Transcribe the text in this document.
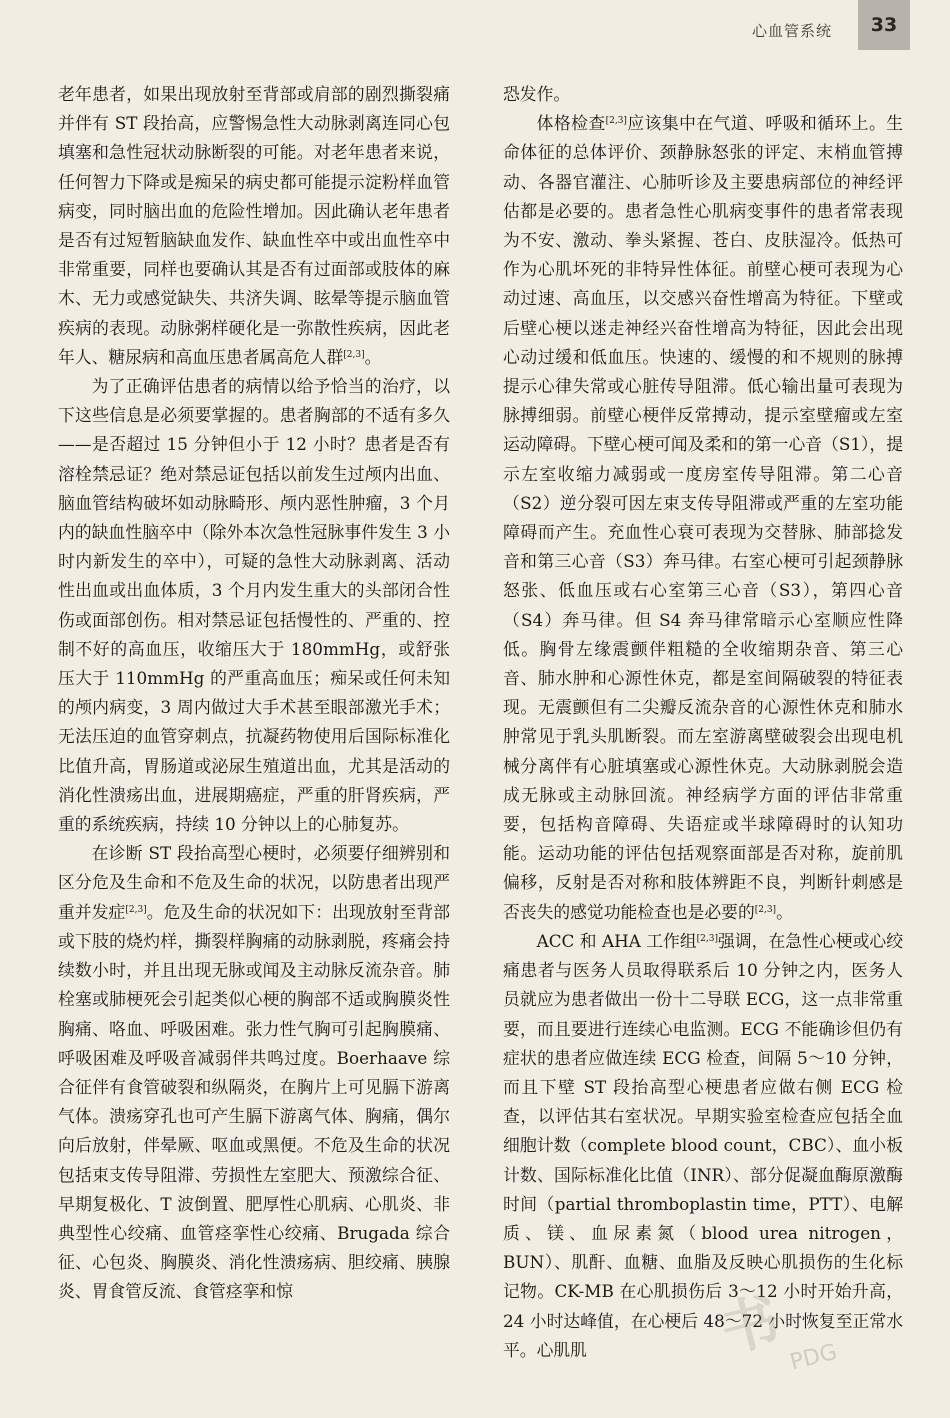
心血管系统	33

老年患者，如果出现放射至背部或肩部的剧烈撕裂痛并伴有 ST 段抬高，应警惕急性大动脉剥离连同心包填塞和急性冠状动脉断裂的可能。对老年患者来说，任何智力下降或是痴呆的病史都可能提示淀粉样血管病变，同时脑出血的危险性增加。因此确认老年患者是否有过短暂脑缺血发作、缺血性卒中或出血性卒中非常重要，同样也要确认其是否有过面部或肢体的麻木、无力或感觉缺失、共济失调、眩晕等提示脑血管疾病的表现。动脉粥样硬化是一弥散性疾病，因此老年人、糖尿病和高血压患者属高危人群[2,3]。

为了正确评估患者的病情以给予恰当的治疗，以下这些信息是必须要掌握的。患者胸部的不适有多久——是否超过 15 分钟但小于 12 小时？患者是否有溶栓禁忌证？绝对禁忌证包括以前发生过颅内出血、脑血管结构破坏如动脉畸形、颅内恶性肿瘤，3 个月内的缺血性脑卒中（除外本次急性冠脉事件发生 3 小时内新发生的卒中），可疑的急性大动脉剥离、活动性出血或出血体质，3 个月内发生重大的头部闭合性伤或面部创伤。相对禁忌证包括慢性的、严重的、控制不好的高血压，收缩压大于 180mmHg，或舒张压大于 110mmHg 的严重高血压；痴呆或任何未知的颅内病变，3 周内做过大手术甚至眼部激光手术；无法压迫的血管穿刺点，抗凝药物使用后国际标准化比值升高，胃肠道或泌尿生殖道出血，尤其是活动的消化性溃疡出血，进展期癌症，严重的肝肾疾病，严重的系统疾病，持续 10 分钟以上的心肺复苏。

在诊断 ST 段抬高型心梗时，必须要仔细辨别和区分危及生命和不危及生命的状况，以防患者出现严重并发症[2,3]。危及生命的状况如下：出现放射至背部或下肢的烧灼样，撕裂样胸痛的动脉剥脱，疼痛会持续数小时，并且出现无脉或闻及主动脉反流杂音。肺栓塞或肺梗死会引起类似心梗的胸部不适或胸膜炎性胸痛、咯血、呼吸困难。张力性气胸可引起胸膜痛、呼吸困难及呼吸音减弱伴共鸣过度。Boerhaave 综合征伴有食管破裂和纵隔炎，在胸片上可见膈下游离气体。溃疡穿孔也可产生膈下游离气体、胸痛，偶尔向后放射，伴晕厥、呕血或黑便。不危及生命的状况包括束支传导阻滞、劳损性左室肥大、预激综合征、早期复极化、T 波倒置、肥厚性心肌病、心肌炎、非典型性心绞痛、血管痉挛性心绞痛、Brugada 综合征、心包炎、胸膜炎、消化性溃疡病、胆绞痛、胰腺炎、胃食管反流、食管痉挛和惊

恐发作。

体格检查[2,3]应该集中在气道、呼吸和循环上。生命体征的总体评价、颈静脉怒张的评定、末梢血管搏动、各器官灌注、心肺听诊及主要患病部位的神经评估都是必要的。患者急性心肌病变事件的患者常表现为不安、激动、拳头紧握、苍白、皮肤湿冷。低热可作为心肌坏死的非特异性体征。前壁心梗可表现为心动过速、高血压，以交感兴奋性增高为特征。下壁或后壁心梗以迷走神经兴奋性增高为特征，因此会出现心动过缓和低血压。快速的、缓慢的和不规则的脉搏提示心律失常或心脏传导阻滞。低心输出量可表现为脉搏细弱。前壁心梗伴反常搏动，提示室壁瘤或左室运动障碍。下壁心梗可闻及柔和的第一心音（S1），提示左室收缩力减弱或一度房室传导阻滞。第二心音（S2）逆分裂可因左束支传导阻滞或严重的左室功能障碍而产生。充血性心衰可表现为交替脉、肺部捻发音和第三心音（S3）奔马律。右室心梗可引起颈静脉怒张、低血压或右心室第三心音（S3），第四心音（S4）奔马律。但 S4 奔马律常暗示心室顺应性降低。胸骨左缘震颤伴粗糙的全收缩期杂音、第三心音、肺水肿和心源性休克，都是室间隔破裂的特征表现。无震颤但有二尖瓣反流杂音的心源性休克和肺水肿常见于乳头肌断裂。而左室游离壁破裂会出现电机械分离伴有心脏填塞或心源性休克。大动脉剥脱会造成无脉或主动脉回流。神经病学方面的评估非常重要，包括构音障碍、失语症或半球障碍时的认知功能。运动功能的评估包括观察面部是否对称，旋前肌偏移，反射是否对称和肢体辨距不良，判断针刺感是否丧失的感觉功能检查也是必要的[2,3]。

ACC 和 AHA 工作组[2,3]强调，在急性心梗或心绞痛患者与医务人员取得联系后 10 分钟之内，医务人员就应为患者做出一份十二导联 ECG，这一点非常重要，而且要进行连续心电监测。ECG 不能确诊但仍有症状的患者应做连续 ECG 检查，间隔 5～10 分钟，而且下壁 ST 段抬高型心梗患者应做右侧 ECG 检查，以评估其右室状况。早期实验室检查应包括全血细胞计数（complete blood count，CBC）、血小板计数、国际标准化比值（INR）、部分促凝血酶原激酶时间（partial thromboplastin time，PTT）、电解质、镁、血尿素氮（blood urea nitrogen，BUN）、肌酐、血糖、血脂及反映心肌损伤的生化标记物。CK-MB 在心肌损伤后 3～12 小时开始升高，24 小时达峰值，在心梗后 48～72 小时恢复至正常水平。心肌肌	书
PDG
